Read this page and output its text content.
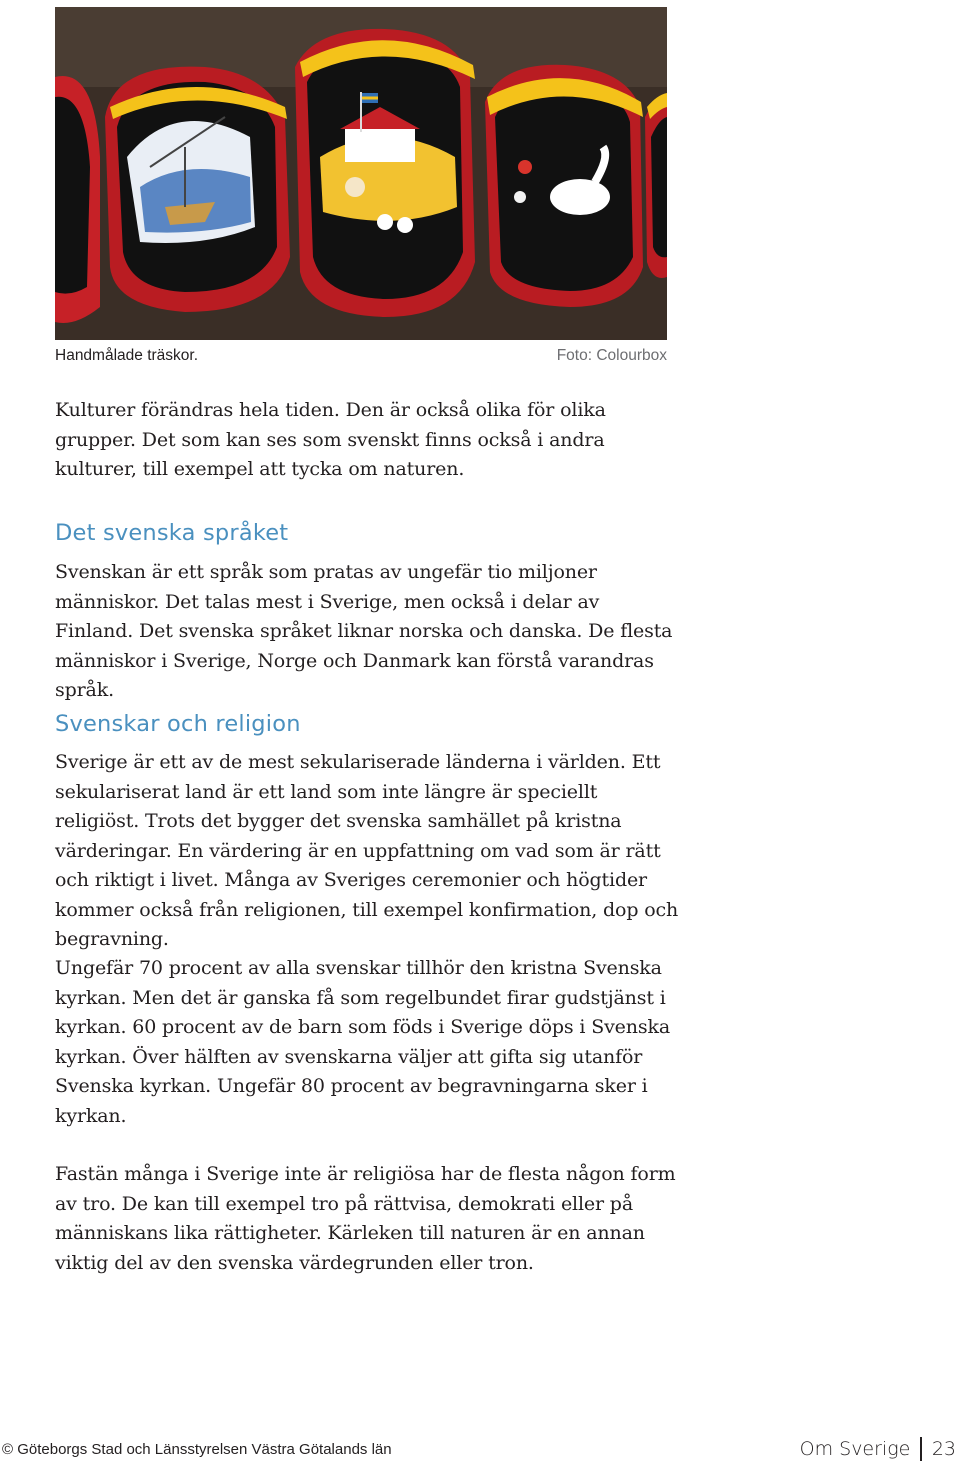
Handmålade träskor.	Foto: Colourbox

Kulturer förändras hela tiden. Den är också olika för olika grupper. Det som kan ses som svenskt finns också i andra kulturer, till exempel att tycka om naturen.

Det svenska språket

Svenskan är ett språk som pratas av ungefär tio miljoner människor. Det talas mest i Sverige, men också i delar av Finland. Det svenska språket liknar norska och danska. De flesta människor i Sverige, Norge och Danmark kan förstå varandras språk.

Svenskar och religion

Sverige är ett av de mest sekulariserade länderna i världen. Ett sekulariserat land är ett land som inte längre är speciellt religiöst. Trots det bygger det svenska samhället på kristna värderingar. En värdering är en uppfattning om vad som är rätt och riktigt i livet. Många av Sveriges ceremonier och högtider kommer också från religionen, till exempel konfirmation, dop och begravning.

Ungefär 70 procent av alla svenskar tillhör den kristna Svenska kyrkan. Men det är ganska få som regelbundet firar gudstjänst i kyrkan. 60 procent av de barn som föds i Sverige döps i Svenska kyrkan. Över hälften av svenskarna väljer att gifta sig utanför Svenska kyrkan. Ungefär 80 procent av begravningarna sker i kyrkan.

Fastän många i Sverige inte är religiösa har de flesta någon form av tro. De kan till exempel tro på rättvisa, demokrati eller på människans lika rättigheter. Kärleken till naturen är en annan viktig del av den svenska värdegrunden eller tron.

© Göteborgs Stad och Länsstyrelsen Västra Götalands län	Om Sverige 23
